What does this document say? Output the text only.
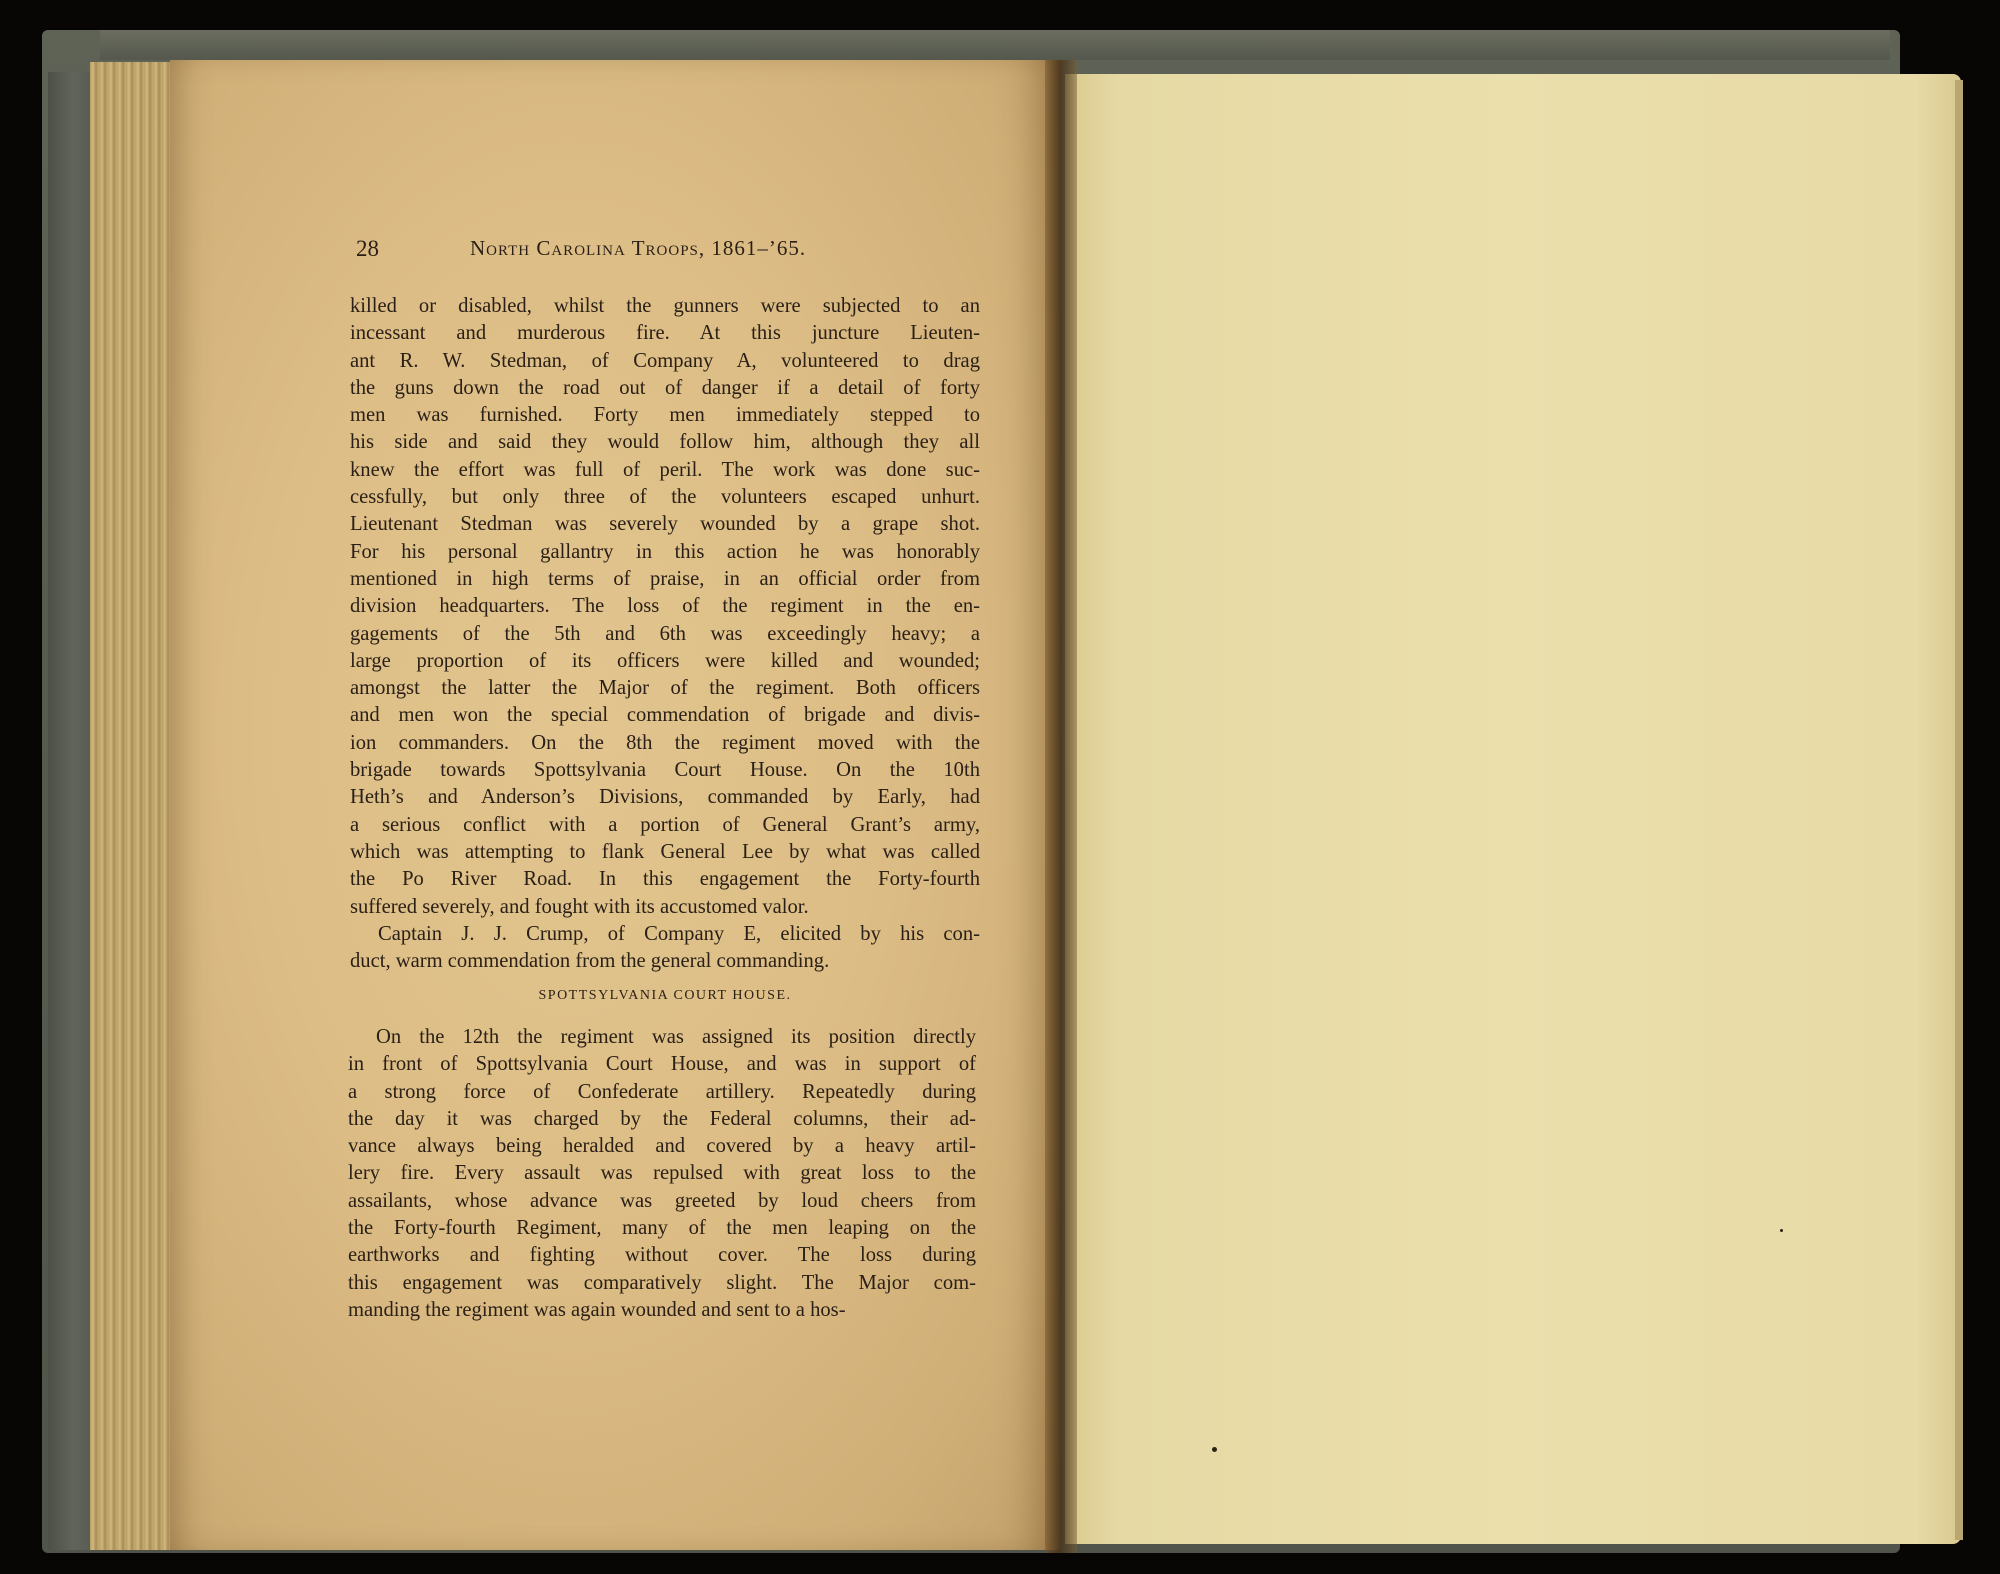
28	North Carolina Troops, 1861–’65.
killed or disabled, whilst the gunners were subjected to an
incessant and murderous fire. At this juncture Lieuten-
ant R. W. Stedman, of Company A, volunteered to drag
the guns down the road out of danger if a detail of forty
men was furnished. Forty men immediately stepped to
his side and said they would follow him, although they all
knew the effort was full of peril. The work was done suc-
cessfully, but only three of the volunteers escaped unhurt.
Lieutenant Stedman was severely wounded by a grape shot.
For his personal gallantry in this action he was honorably
mentioned in high terms of praise, in an official order from
division headquarters. The loss of the regiment in the en-
gagements of the 5th and 6th was exceedingly heavy; a
large proportion of its officers were killed and wounded;
amongst the latter the Major of the regiment. Both officers
and men won the special commendation of brigade and divis-
ion commanders. On the 8th the regiment moved with the
brigade towards Spottsylvania Court House. On the 10th
Heth’s and Anderson’s Divisions, commanded by Early, had
a serious conflict with a portion of General Grant’s army,
which was attempting to flank General Lee by what was called
the Po River Road. In this engagement the Forty-fourth
suffered severely, and fought with its accustomed valor.
Captain J. J. Crump, of Company E, elicited by his con-
duct, warm commendation from the general commanding.
SPOTTSYLVANIA COURT HOUSE.
On the 12th the regiment was assigned its position directly
in front of Spottsylvania Court House, and was in support of
a strong force of Confederate artillery. Repeatedly during
the day it was charged by the Federal columns, their ad-
vance always being heralded and covered by a heavy artil-
lery fire. Every assault was repulsed with great loss to the
assailants, whose advance was greeted by loud cheers from
the Forty-fourth Regiment, many of the men leaping on the
earthworks and fighting without cover. The loss during
this engagement was comparatively slight. The Major com-
manding the regiment was again wounded and sent to a hos-
